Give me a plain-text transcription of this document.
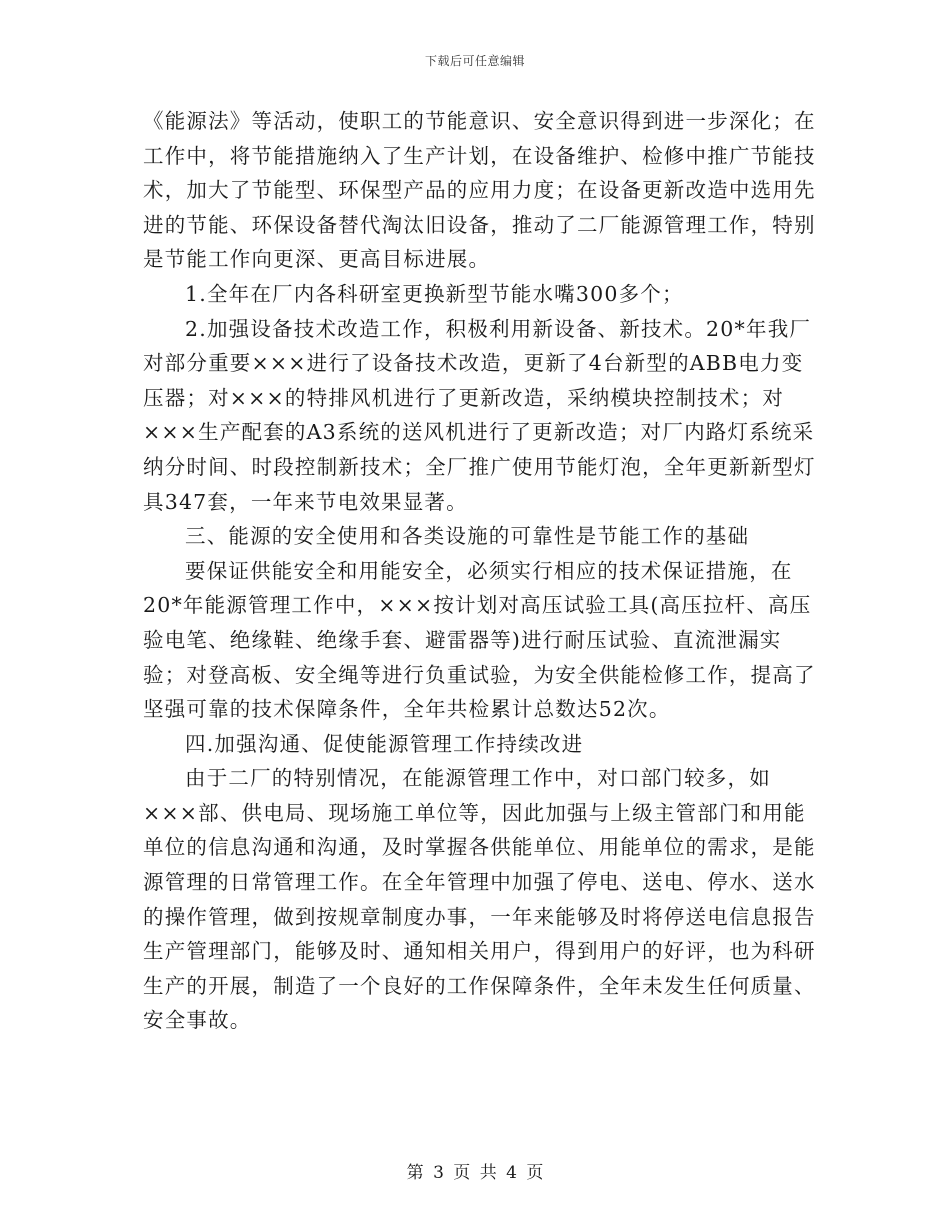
下载后可任意编辑

《能源法》等活动，使职工的节能意识、安全意识得到进一步深化；在工作中，将节能措施纳入了生产计划，在设备维护、检修中推广节能技术，加大了节能型、环保型产品的应用力度；在设备更新改造中选用先进的节能、环保设备替代淘汰旧设备，推动了二厂能源管理工作，特别是节能工作向更深、更高目标进展。

1.全年在厂内各科研室更换新型节能水嘴300多个；

2.加强设备技术改造工作，积极利用新设备、新技术。20*年我厂对部分重要×××进行了设备技术改造，更新了4台新型的ABB电力变压器；对×××的特排风机进行了更新改造，采纳模块控制技术；对×××生产配套的A3系统的送风机进行了更新改造；对厂内路灯系统采纳分时间、时段控制新技术；全厂推广使用节能灯泡，全年更新新型灯具347套，一年来节电效果显著。

三、能源的安全使用和各类设施的可靠性是节能工作的基础

要保证供能安全和用能安全，必须实行相应的技术保证措施，在20*年能源管理工作中，×××按计划对高压试验工具(高压拉杆、高压验电笔、绝缘鞋、绝缘手套、避雷器等)进行耐压试验、直流泄漏实验；对登高板、安全绳等进行负重试验，为安全供能检修工作，提高了坚强可靠的技术保障条件，全年共检累计总数达52次。

四.加强沟通、促使能源管理工作持续改进

由于二厂的特别情况，在能源管理工作中，对口部门较多，如×××部、供电局、现场施工单位等，因此加强与上级主管部门和用能单位的信息沟通和沟通，及时掌握各供能单位、用能单位的需求，是能源管理的日常管理工作。在全年管理中加强了停电、送电、停水、送水的操作管理，做到按规章制度办事，一年来能够及时将停送电信息报告生产管理部门，能够及时、通知相关用户，得到用户的好评，也为科研生产的开展，制造了一个良好的工作保障条件，全年未发生任何质量、安全事故。

第 3 页 共 4 页
